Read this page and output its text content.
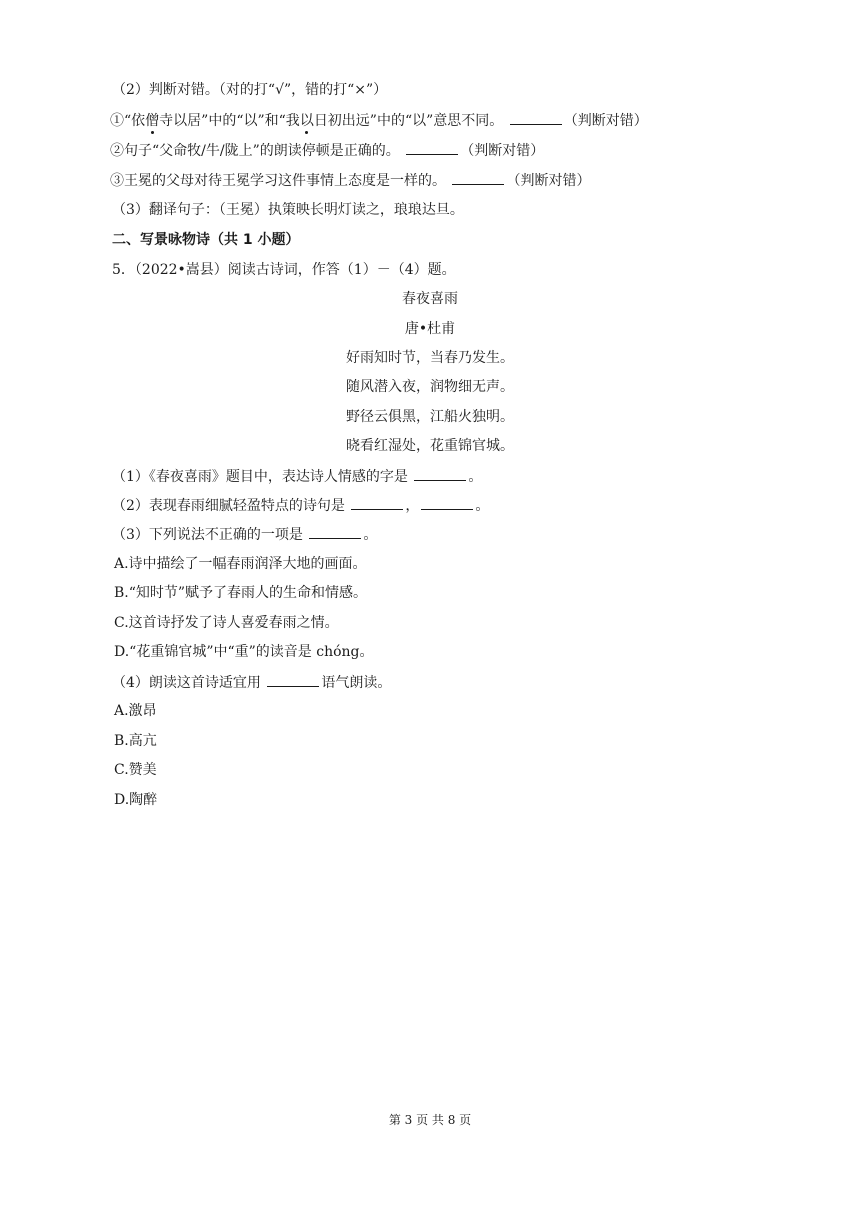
（2）判断对错。（对的打“√”，错的打“×”）
①“依僧寺以居”中的“以”和“我以日初出远”中的“以”意思不同。	（判断对错）
②句子“父命牧/牛/陇上”的朗读停顿是正确的。	（判断对错）
③王冕的父母对待王冕学习这件事情上态度是一样的。	（判断对错）
（3）翻译句子：（王冕）执策映长明灯读之，琅琅达旦。
二、写景咏物诗（共 1 小题）
5．（2022•嵩县）阅读古诗词，作答（1）－（4）题。
春夜喜雨
唐•杜甫
好雨知时节，当春乃发生。
随风潜入夜，润物细无声。
野径云俱黑，江船火独明。
晓看红湿处，花重锦官城。
（1）《春夜喜雨》题目中，表达诗人情感的字是	。
（2）表现春雨细腻轻盈特点的诗句是	，	。
（3）下列说法不正确的一项是	。
A.诗中描绘了一幅春雨润泽大地的画面。
B.“知时节”赋予了春雨人的生命和情感。
C.这首诗抒发了诗人喜爱春雨之情。
D.“花重锦官城”中“重”的读音是 chóng。
（4）朗读这首诗适宜用	语气朗读。
A.激昂
B.高亢
C.赞美
D.陶醉
第 3 页 共 8 页
